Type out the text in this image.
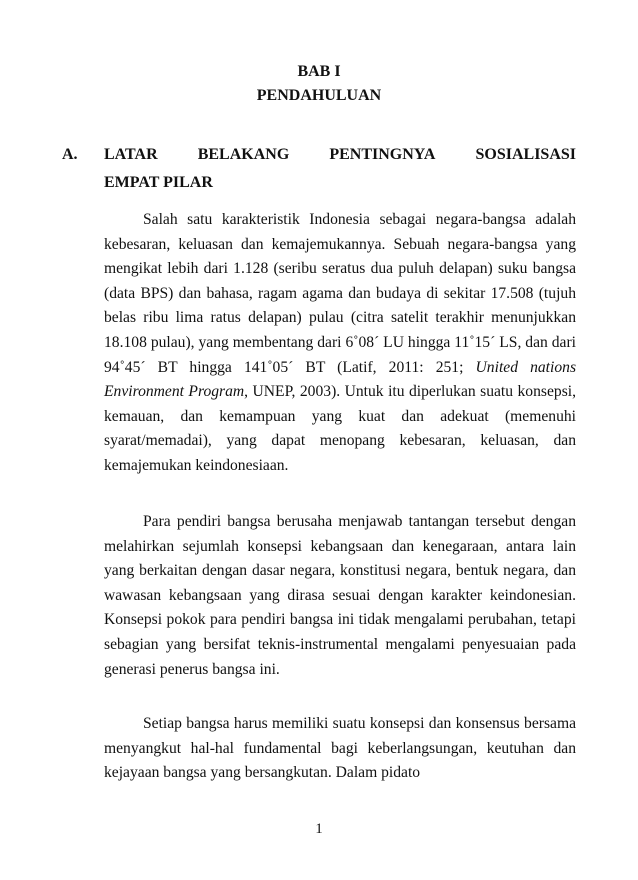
BAB I
PENDAHULUAN
A. LATAR	BELAKANG	PENTINGNYA	SOSIALISASI
EMPAT PILAR

Salah satu karakteristik Indonesia sebagai negara-bangsa adalah kebesaran, keluasan dan kemajemukannya. Sebuah negara-bangsa yang mengikat lebih dari 1.128 (seribu seratus dua puluh delapan) suku bangsa (data BPS) dan bahasa, ragam agama dan budaya di sekitar 17.508 (tujuh belas ribu lima ratus delapan) pulau (citra satelit terakhir menunjukkan 18.108 pulau), yang membentang dari 6˚08´ LU hingga 11˚15´ LS, dan dari 94˚45´ BT hingga 141˚05´ BT (Latif, 2011: 251; United nations Environment Program, UNEP, 2003). Untuk itu diperlukan suatu konsepsi, kemauan, dan kemampuan yang kuat dan adekuat (memenuhi syarat/memadai), yang dapat menopang kebesaran, keluasan, dan kemajemukan keindonesiaan.

Para pendiri bangsa berusaha menjawab tantangan tersebut dengan melahirkan sejumlah konsepsi kebangsaan dan kenegaraan, antara lain yang berkaitan dengan dasar negara, konstitusi negara, bentuk negara, dan wawasan kebangsaan yang dirasa sesuai dengan karakter keindonesian. Konsepsi pokok para pendiri bangsa ini tidak mengalami perubahan, tetapi sebagian yang bersifat teknis-instrumental mengalami penyesuaian pada generasi penerus bangsa ini.

Setiap bangsa harus memiliki suatu konsepsi dan konsensus bersama menyangkut hal-hal fundamental bagi keberlangsungan, keutuhan dan kejayaan bangsa yang bersangkutan. Dalam pidato

1
